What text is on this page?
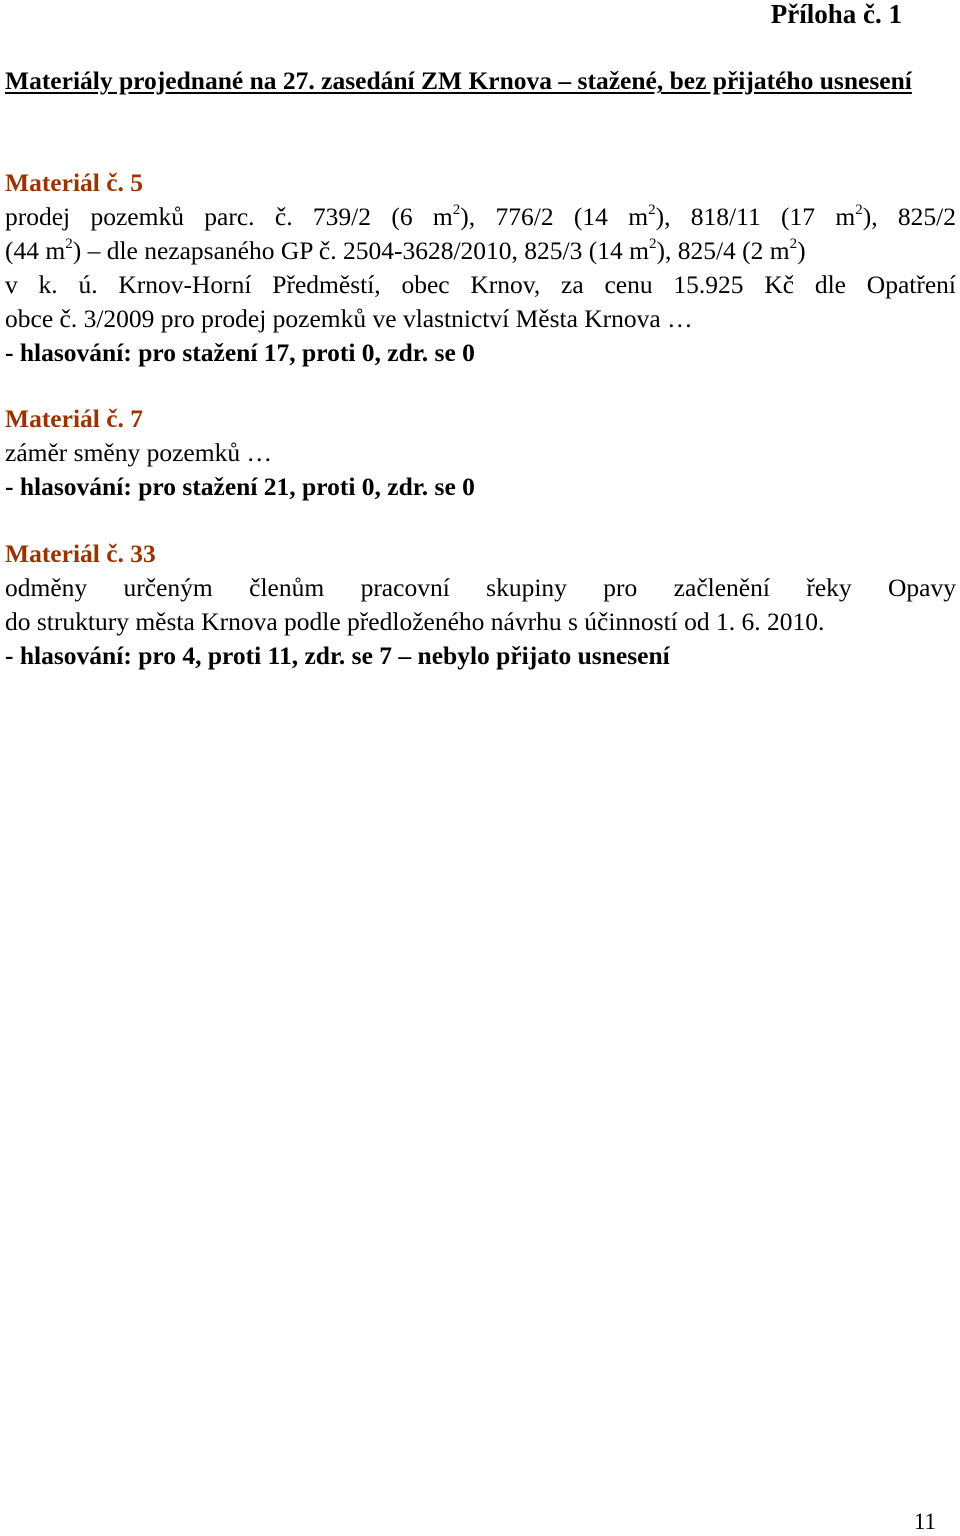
Příloha č. 1
Materiály projednané na 27. zasedání ZM Krnova – stažené, bez přijatého usnesení
Materiál č. 5
prodej pozemků parc. č. 739/2 (6 $m^2$), 776/2 (14 $m^2$), 818/11 (17 $m^2$), 825/2
(44 $m^2$) – dle nezapsaného GP č. 2504-3628/2010, 825/3 (14 $m^2$), 825/4 (2 $m^2$)
v k. ú. Krnov-Horní Předměstí, obec Krnov, za cenu 15.925 Kč dle Opatření
obce č. 3/2009 pro prodej pozemků ve vlastnictví Města Krnova …
- hlasování: pro stažení 17, proti 0, zdr. se 0
Materiál č. 7
záměr směny pozemků …
- hlasování: pro stažení 21, proti 0, zdr. se 0
Materiál č. 33
odměny určeným členům pracovní skupiny pro začlenění řeky Opavy
do struktury města Krnova podle předloženého návrhu s účinností od 1. 6. 2010.
- hlasování: pro 4, proti 11, zdr. se 7 – nebylo přijato usnesení
11
